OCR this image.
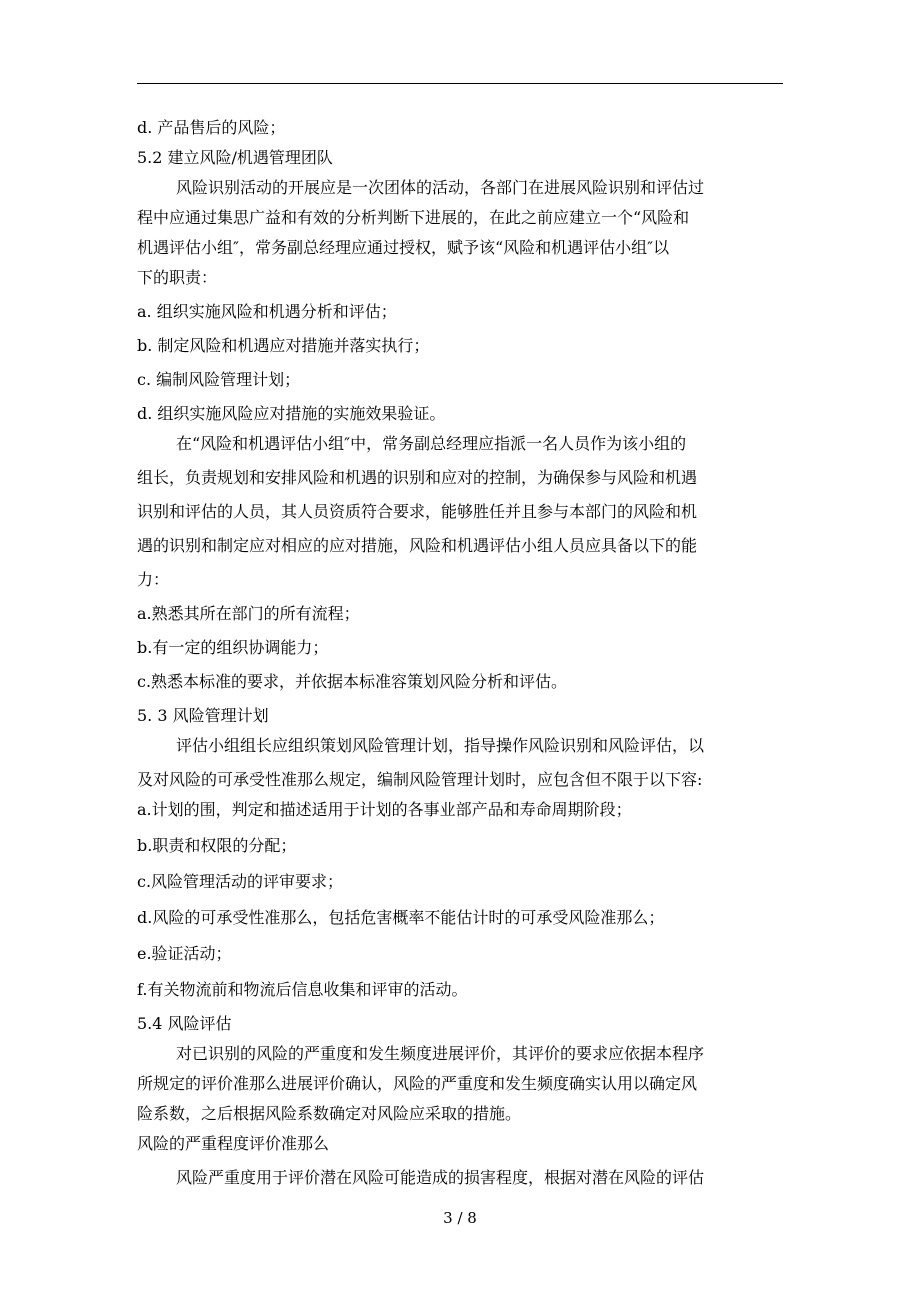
d. 产品售后的风险；
5.2 建立风险/机遇管理团队
风险识别活动的开展应是一次团体的活动，各部门在进展风险识别和评估过
程中应通过集思广益和有效的分析判断下进展的，在此之前应建立一个“风险和
机遇评估小组″，常务副总经理应通过授权，赋予该“风险和机遇评估小组″以
下的职责：
a. 组织实施风险和机遇分析和评估；
b. 制定风险和机遇应对措施并落实执行；
c. 编制风险管理计划；
d. 组织实施风险应对措施的实施效果验证。
在“风险和机遇评估小组″中，常务副总经理应指派一名人员作为该小组的
组长，负责规划和安排风险和机遇的识别和应对的控制，为确保参与风险和机遇
识别和评估的人员，其人员资质符合要求，能够胜任并且参与本部门的风险和机
遇的识别和制定应对相应的应对措施，风险和机遇评估小组人员应具备以下的能
力：
a.熟悉其所在部门的所有流程；
b.有一定的组织协调能力；
c.熟悉本标准的要求，并依据本标准容策划风险分析和评估。
5. 3 风险管理计划
评估小组组长应组织策划风险管理计划，指导操作风险识别和风险评估，以
及对风险的可承受性准那么规定，编制风险管理计划时，应包含但不限于以下容:
a.计划的围，判定和描述适用于计划的各事业部产品和寿命周期阶段；
b.职责和权限的分配；
c.风险管理活动的评审要求；
d.风险的可承受性准那么，包括危害概率不能估计时的可承受风险准那么；
e.验证活动；
f.有关物流前和物流后信息收集和评审的活动。
5.4 风险评估
对已识别的风险的严重度和发生频度进展评价，其评价的要求应依据本程序
所规定的评价准那么进展评价确认，风险的严重度和发生频度确实认用以确定风
险系数，之后根据风险系数确定对风险应采取的措施。
风险的严重程度评价准那么
风险严重度用于评价潜在风险可能造成的损害程度，根据对潜在风险的评估
3 / 8
